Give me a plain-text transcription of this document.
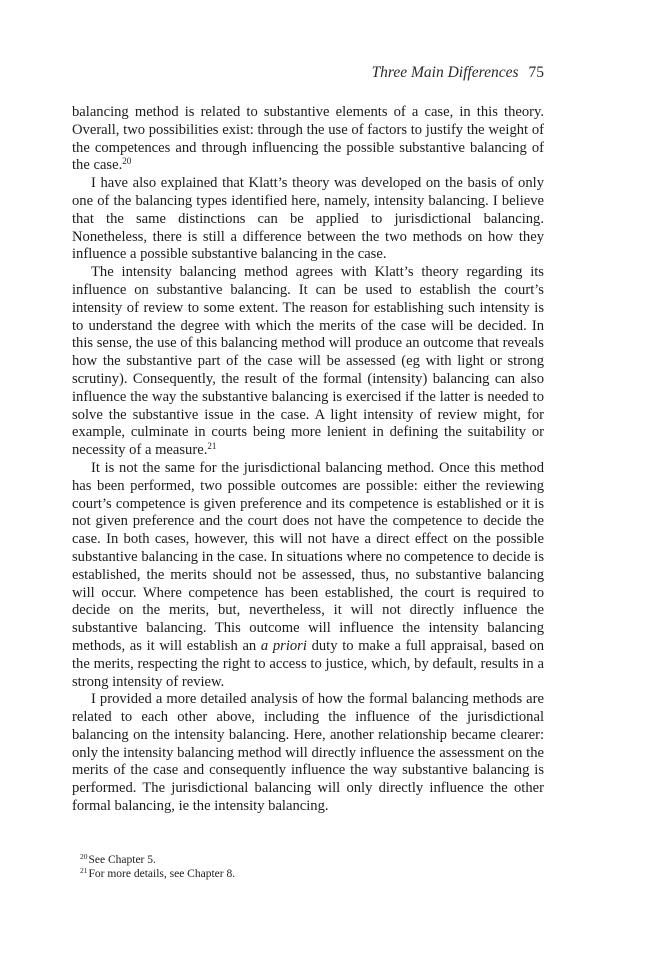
Three Main Differences 75

balancing method is related to substantive elements of a case, in this theory. Overall, two possibilities exist: through the use of factors to justify the weight of the competences and through influencing the possible substantive balancing of the case.$^{20}$

I have also explained that Klatt’s theory was developed on the basis of only one of the balancing types identified here, namely, intensity balancing. I believe that the same distinctions can be applied to jurisdictional balancing. Nonetheless, there is still a difference between the two methods on how they influence a possible substantive balancing in the case.

The intensity balancing method agrees with Klatt’s theory regarding its influence on substantive balancing. It can be used to establish the court’s intensity of review to some extent. The reason for establishing such intensity is to understand the degree with which the merits of the case will be decided. In this sense, the use of this balancing method will produce an outcome that reveals how the substantive part of the case will be assessed (eg with light or strong scrutiny). Consequently, the result of the formal (intensity) balancing can also influence the way the substantive balancing is exercised if the latter is needed to solve the substantive issue in the case. A light intensity of review might, for example, culminate in courts being more lenient in defining the suitability or necessity of a measure.$^{21}$

It is not the same for the jurisdictional balancing method. Once this method has been performed, two possible outcomes are possible: either the reviewing court’s competence is given preference and its competence is established or it is not given preference and the court does not have the competence to decide the case. In both cases, however, this will not have a direct effect on the possible substantive balancing in the case. In situations where no competence to decide is established, the merits should not be assessed, thus, no substantive balancing will occur. Where competence has been established, the court is required to decide on the merits, but, nevertheless, it will not directly influence the substantive balancing. This outcome will influence the intensity balancing methods, as it will establish an a priori duty to make a full appraisal, based on the merits, respecting the right to access to justice, which, by default, results in a strong intensity of review.

I provided a more detailed analysis of how the formal balancing methods are related to each other above, including the influence of the jurisdictional balancing on the intensity balancing. Here, another relationship became clearer: only the intensity balancing method will directly influence the assessment on the merits of the case and consequently influence the way substantive balancing is performed. The jurisdictional balancing will only directly influence the other formal balancing, ie the intensity balancing.

$^{20}$See Chapter 5.
$^{21}$For more details, see Chapter 8.
